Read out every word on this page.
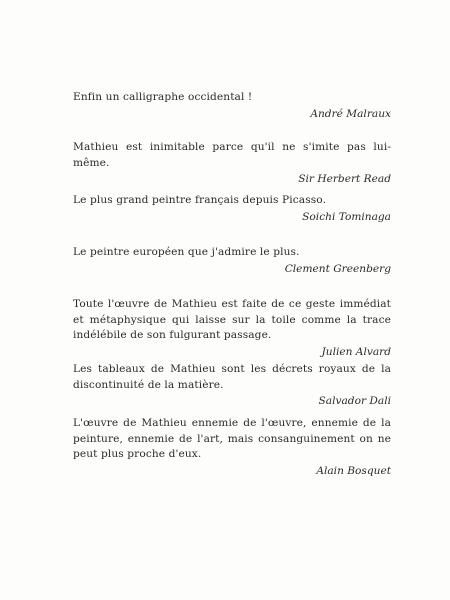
Enfin un calligraphe occidental !
André Malraux
Mathieu est inimitable parce qu'il ne s'imite pas lui-même.
Sir Herbert Read
Le plus grand peintre français depuis Picasso.
Soichi Tominaga
Le peintre européen que j'admire le plus.
Clement Greenberg
Toute l'œuvre de Mathieu est faite de ce geste immédiat et métaphysique qui laisse sur la toile comme la trace indélébile de son fulgurant passage.
Julien Alvard
Les tableaux de Mathieu sont les décrets royaux de la discontinuité de la matière.
Salvador Dali
L'œuvre de Mathieu ennemie de l'œuvre, ennemie de la peinture, ennemie de l'art, mais consanguinement on ne peut plus proche d'eux.
Alain Bosquet
